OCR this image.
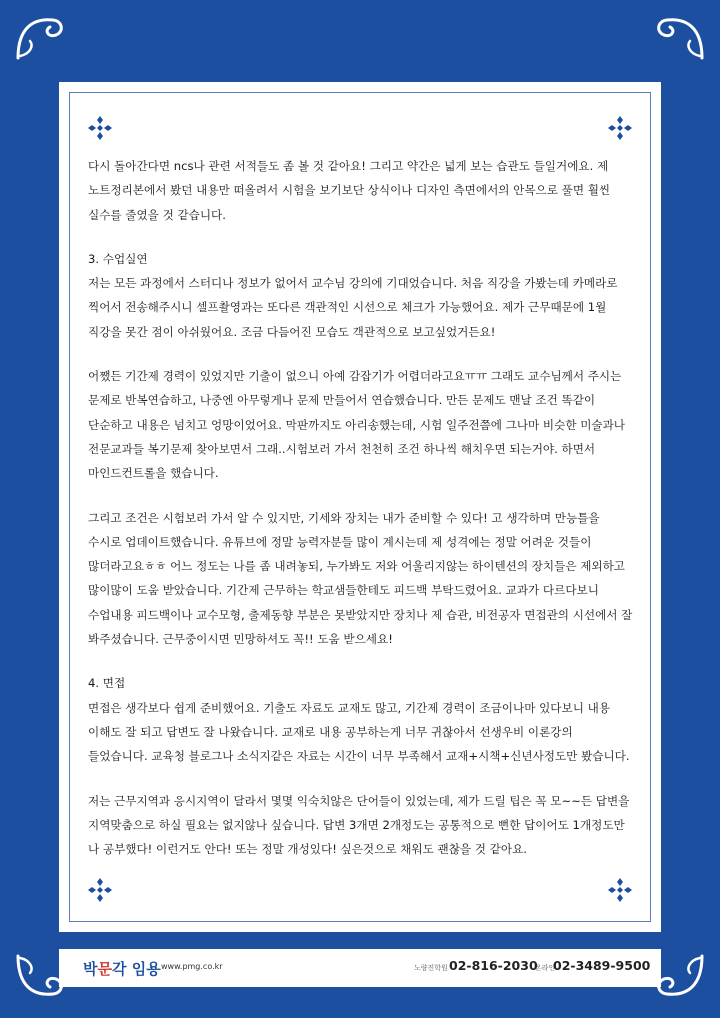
다시 돌아간다면 ncs나 관련 서적들도 좀 볼 것 같아요! 그리고 약간은 넓게 보는 습관도 들일거에요. 제
노트정리본에서 봤던 내용만 떠올려서 시험을 보기보단 상식이나 디자인 측면에서의 안목으로 풀면 훨씬
실수를 줄였을 것 같습니다.

3. 수업실연

저는 모든 과정에서 스터디나 정보가 없어서 교수님 강의에 기대었습니다. 처음 직강을 가봤는데 카메라로
찍어서 전송해주시니 셀프촬영과는 또다른 객관적인 시선으로 체크가 가능했어요. 제가 근무때문에 1월
직강을 못간 점이 아쉬웠어요. 조금 다듬어진 모습도 객관적으로 보고싶었거든요!

어쨌든 기간제 경력이 있었지만 기출이 없으니 아예 감잡기가 어렵더라고요ㅠㅠ 그래도 교수님께서 주시는
문제로 반복연습하고, 나중엔 아무렇게나 문제 만들어서 연습했습니다. 만든 문제도 맨날 조건 똑같이
단순하고 내용은 넘치고 엉망이었어요. 막판까지도 아리송했는데, 시험 일주전쯤에 그나마 비슷한 미술과나
전문교과들 복기문제 찾아보면서 그래..시험보러 가서 천천히 조건 하나씩 해치우면 되는거야. 하면서
마인드컨트롤을 했습니다.

그리고 조건은 시험보러 가서 알 수 있지만, 기세와 장치는 내가 준비할 수 있다! 고 생각하며 만능틀을
수시로 업데이트했습니다. 유튜브에 정말 능력자분들 많이 계시는데 제 성격에는 정말 어려운 것들이
많더라고요ㅎㅎ 어느 정도는 나를 좀 내려놓되, 누가봐도 저와 어울리지않는 하이텐션의 장치들은 제외하고
많이많이 도움 받았습니다. 기간제 근무하는 학교샘들한테도 피드백 부탁드렸어요. 교과가 다르다보니
수업내용 피드백이나 교수모형, 출제동향 부분은 못받았지만 장치나 제 습관, 비전공자 면접관의 시선에서 잘
봐주셨습니다. 근무중이시면 민망하셔도 꼭!! 도움 받으세요!

4. 면접

면접은 생각보다 쉽게 준비했어요. 기출도 자료도 교재도 많고, 기간제 경력이 조금이나마 있다보니 내용
이해도 잘 되고 답변도 잘 나왔습니다. 교재로 내용 공부하는게 너무 귀찮아서 선생우비 이론강의
들었습니다. 교육청 블로그나 소식지같은 자료는 시간이 너무 부족해서 교재+시책+신년사정도만 봤습니다.

저는 근무지역과 응시지역이 달라서 몇몇 익숙치않은 단어들이 있었는데, 제가 드릴 팁은 꼭 모~~든 답변을
지역맞춤으로 하실 필요는 없지않나 싶습니다. 답변 3개면 2개정도는 공통적으로 뻔한 답이어도 1개정도만
나 공부했다! 이런거도 안다! 또는 정말 개성있다! 싶은것으로 채워도 괜찮을 것 같아요.

박문각 임용 www.pmg.co.kr	노량진학원 02-816-2030
온라인
02-3489-9500
